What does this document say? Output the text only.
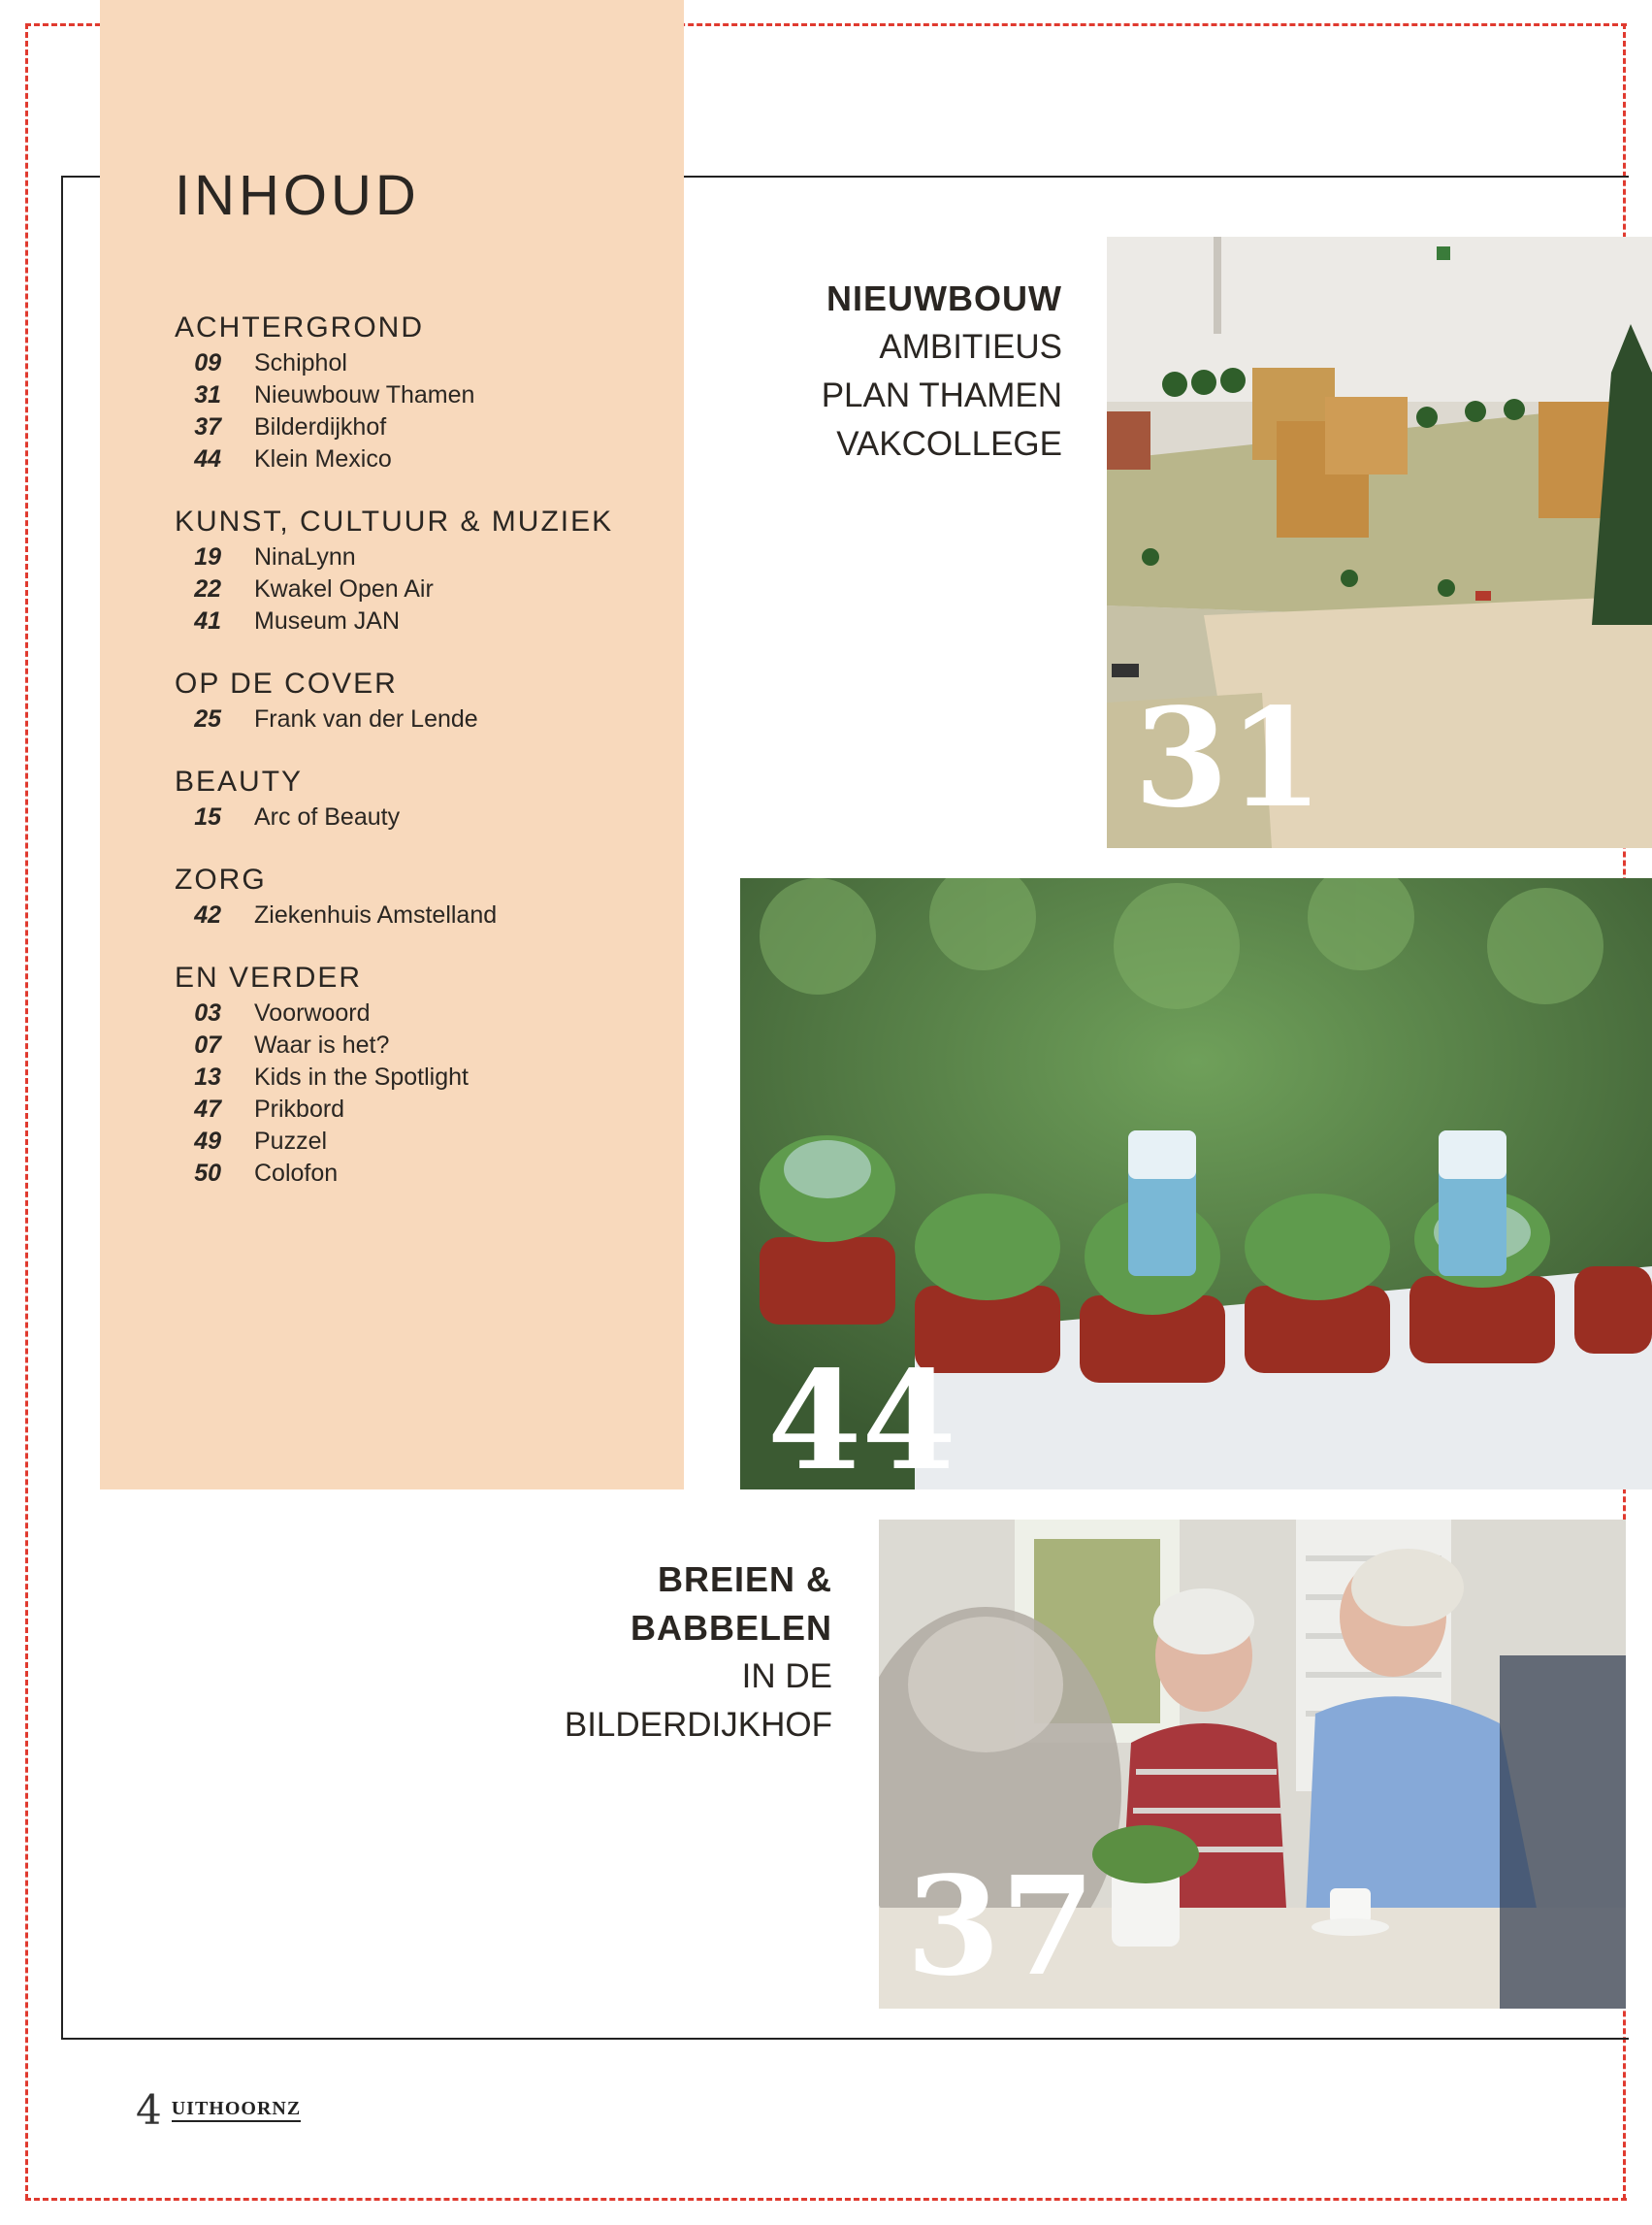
INHOUD
ACHTERGROND
09 Schiphol
31 Nieuwbouw Thamen
37 Bilderdijkhof
44 Klein Mexico
KUNST, CULTUUR & MUZIEK
19 NinaLynn
22 Kwakel Open Air
41 Museum JAN
OP DE COVER
25 Frank van der Lende
BEAUTY
15 Arc of Beauty
ZORG
42 Ziekenhuis Amstelland
EN VERDER
03 Voorwoord
07 Waar is het?
13 Kids in the Spotlight
47 Prikbord
49 Puzzel
50 Colofon
NIEUWBOUW
AMBITIEUS
PLAN THAMEN
VAKCOLLEGE
31
44
BREIEN &
BABBELEN
IN DE
BILDERDIJKHOF
37
4 UITHOORNZ
